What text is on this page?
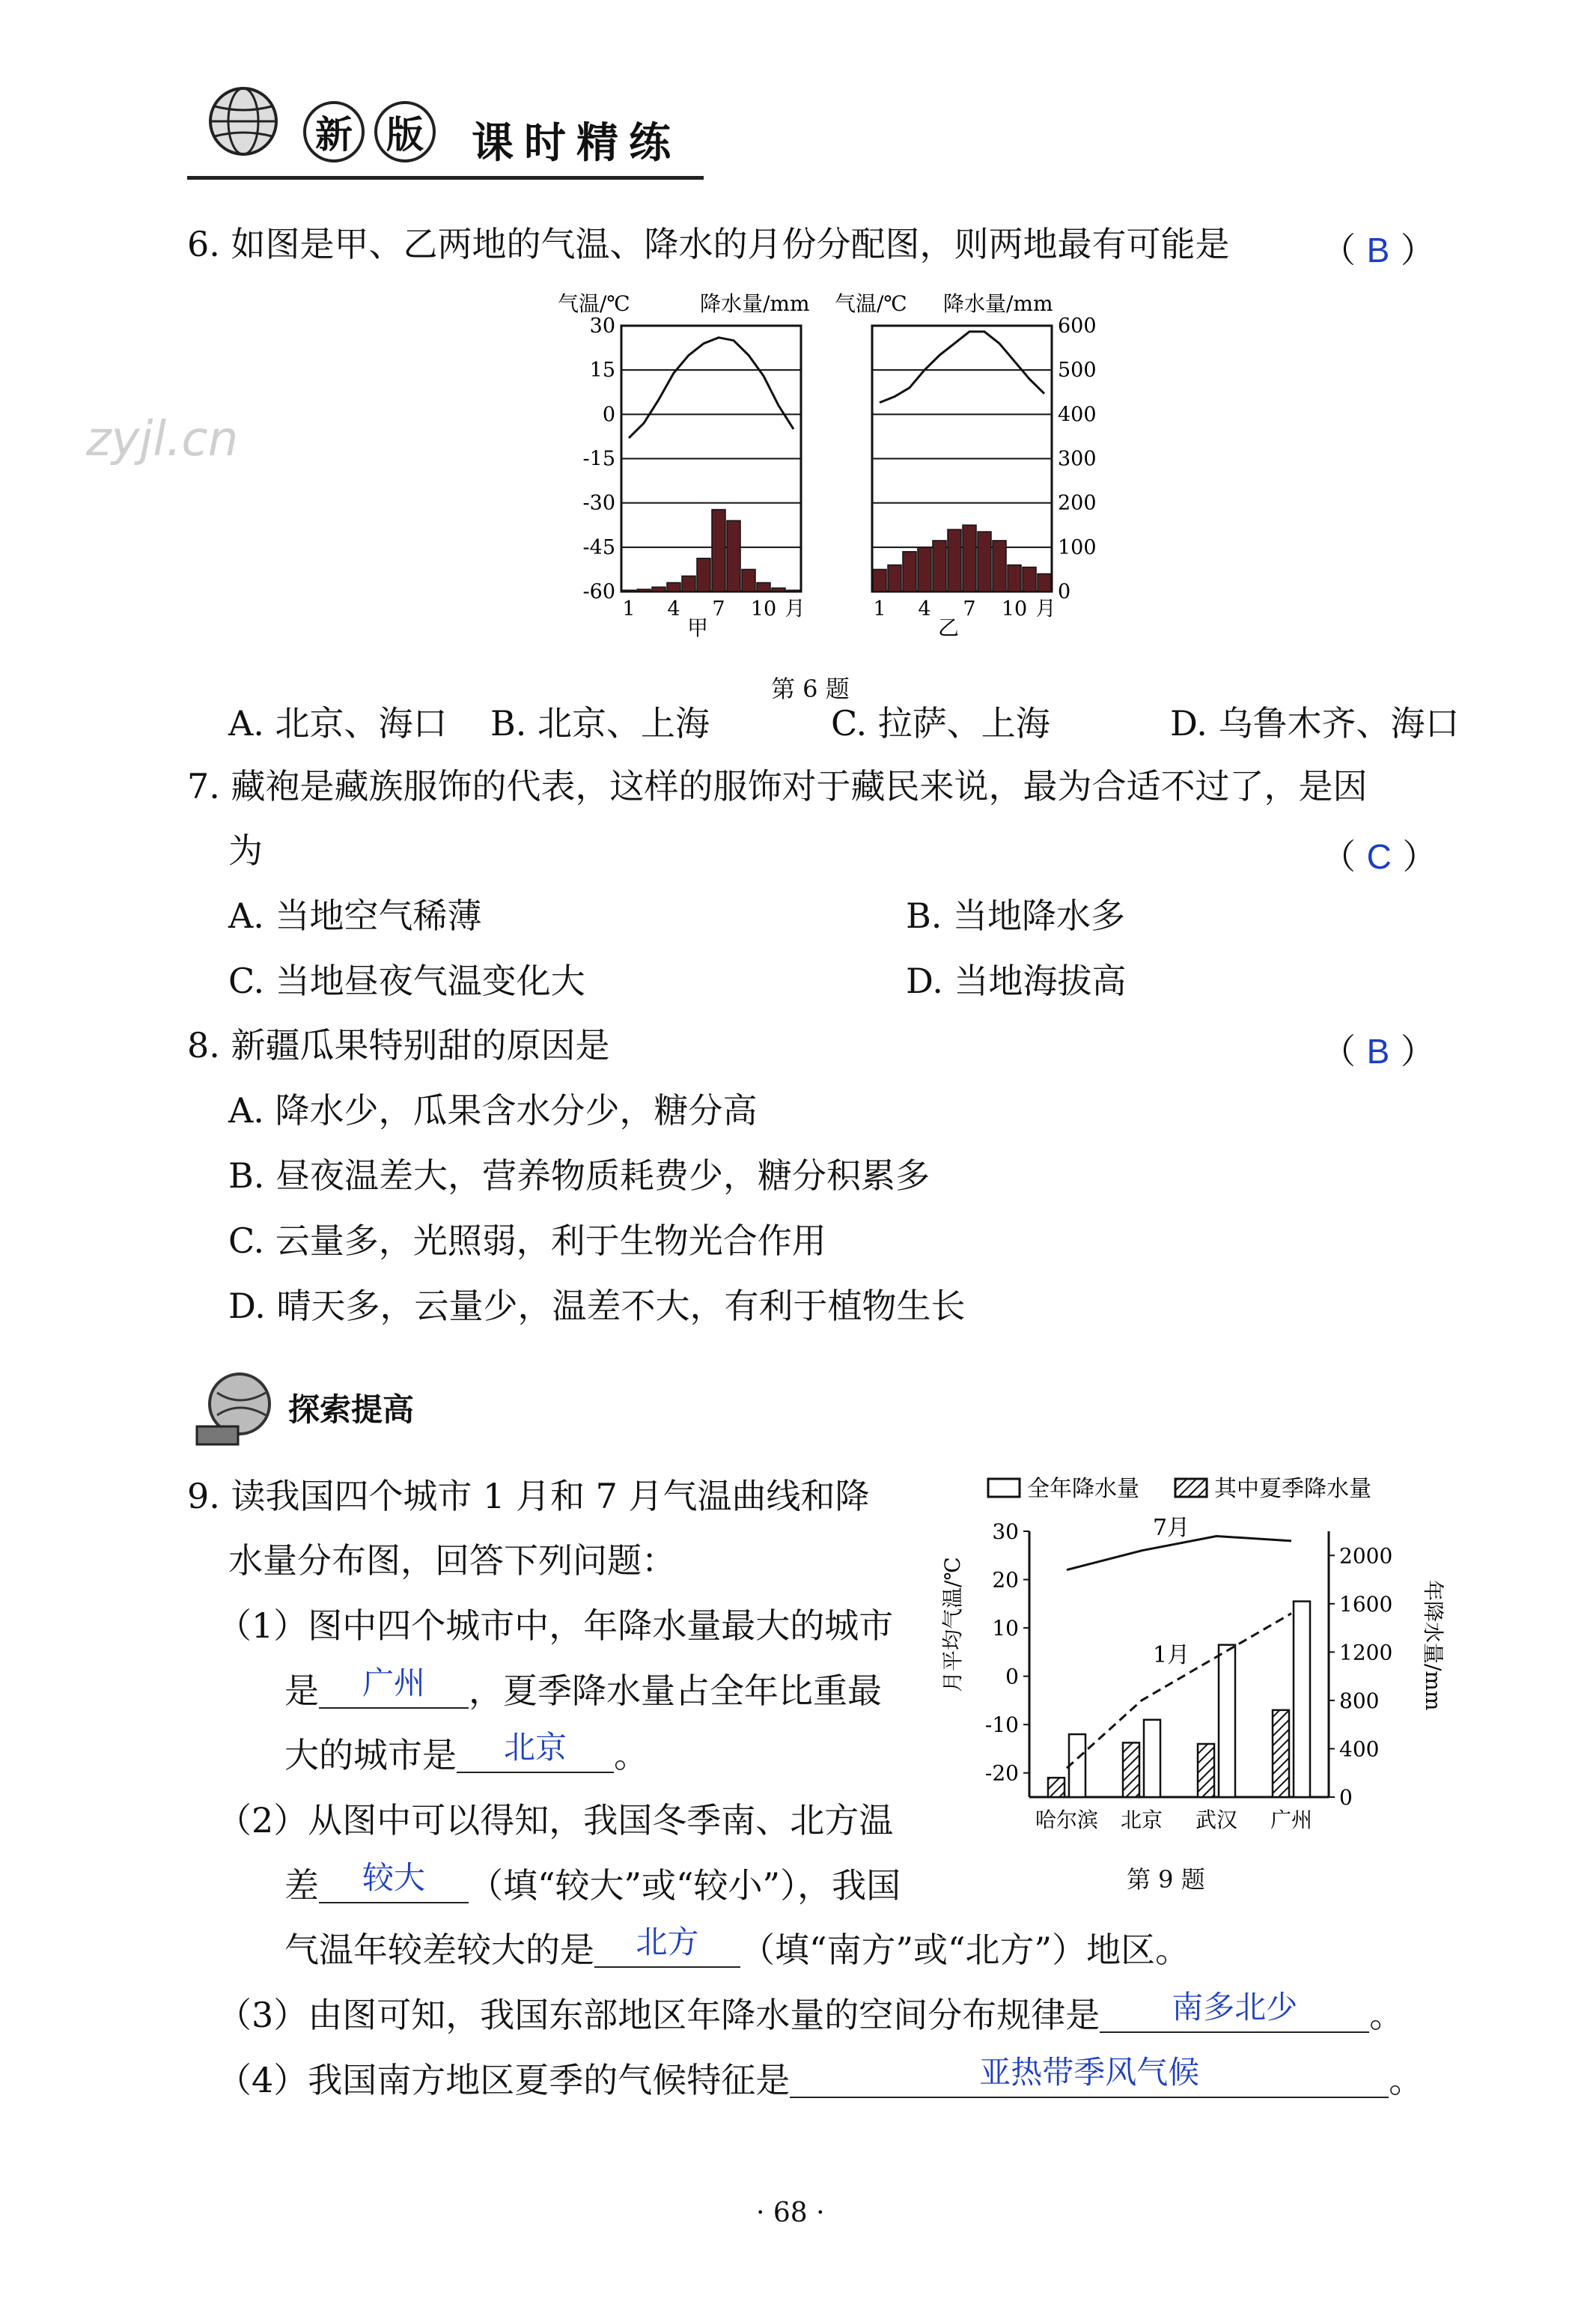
新 版 课时精练
zyjl.cn
6. 如图是甲、乙两地的气温、降水的月份分配图，则两地最有可能是	（ B ）
气温/℃	降水量/mm
30
15
0
-15
-30
-45
-60
1 4 7 10 月
甲
气温/℃ 降水量/mm
600
500
400
300
200
100
0
1 4 7 10 月
乙
第 6 题
A. 北京、海口 B. 北京、上海	C. 拉萨、上海	D. 乌鲁木齐、海口
7. 藏袍是藏族服饰的代表，这样的服饰对于藏民来说，最为合适不过了，是因
为	（ C ）
A. 当地空气稀薄	B. 当地降水多
C. 当地昼夜气温变化大	D. 当地海拔高
8. 新疆瓜果特别甜的原因是	（ B ）
A. 降水少，瓜果含水分少，糖分高
B. 昼夜温差大，营养物质耗费少，糖分积累多
C. 云量多，光照弱，利于生物光合作用
D. 晴天多，云量少，温差不大，有利于植物生长
探索提高
9. 读我国四个城市 1 月和 7 月气温曲线和降
水量分布图，回答下列问题：
（1）图中四个城市中，年降水量最大的城市
是 广州 ，夏季降水量占全年比重最
大的城市是 北京 。
（2）从图中可以得知，我国冬季南、北方温
差 较大 （填“较大”或“较小”），我国
气温年较差较大的是 北方 （填“南方”或“北方”）地区。
（3）由图可知，我国东部地区年降水量的空间分布规律是 南多北少 。
（4）我国南方地区夏季的气候特征是	亚热带季风气候	。
全年降水量	其中夏季降水量
月平均气温/℃	年降水量/mm
30
20
10
0
-10
-20
2000
1600
1200
800
400
0
7月
1月
哈尔滨 北京 武汉 广州
第 9 题
· 68 ·
